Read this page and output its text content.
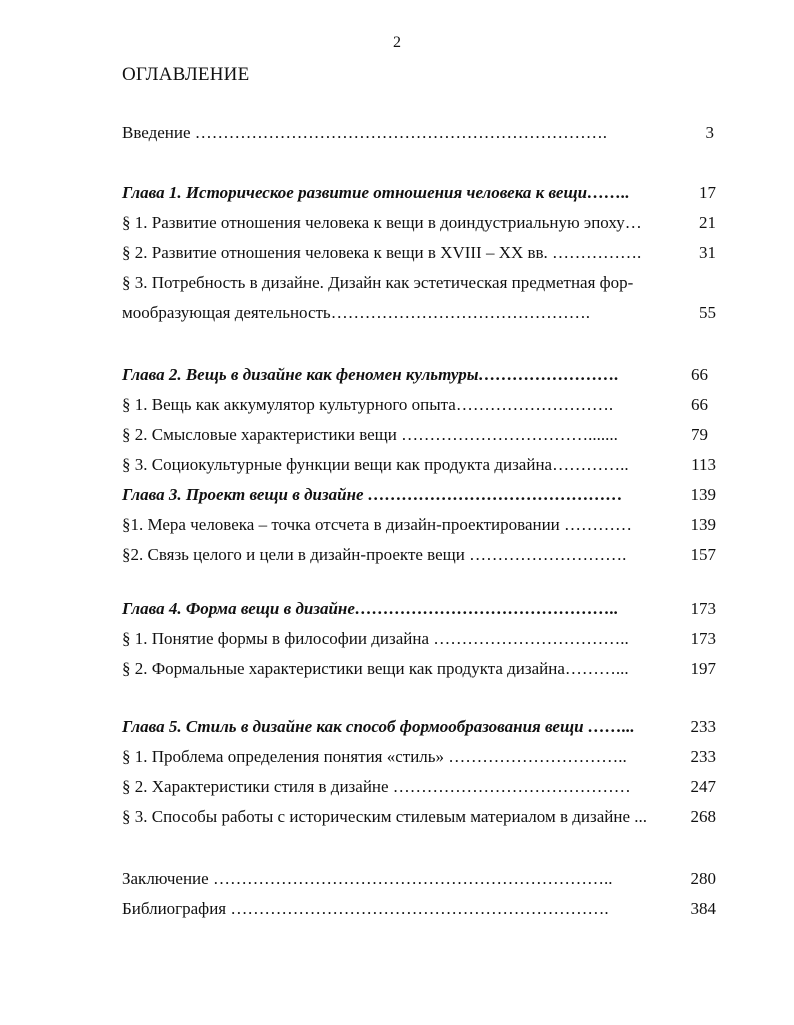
2
ОГЛАВЛЕНИЕ
Введение ……………………………………………………………….	3
Глава 1. Историческое развитие отношения человека к вещи……..	17
§ 1. Развитие отношения человека к вещи в доиндустриальную эпоху…	21
§ 2. Развитие отношения человека к вещи в XVIII – XX вв. …………….	31
§ 3. Потребность в дизайне. Дизайн как эстетическая предметная фор-
мообразующая деятельность……………………………………….	55
Глава 2. Вещь в дизайне как феномен культуры…………………….	66
§ 1. Вещь как аккумулятор культурного опыта……………………….	66
§ 2. Смысловые характеристики вещи …………………………….......	79
§ 3. Социокультурные функции вещи как продукта дизайна…………..	113
Глава 3. Проект вещи в дизайне ………………………………………	139
§1. Мера человека – точка отсчета в дизайн-проектировании …………	139
§2. Связь целого и цели в дизайн-проекте вещи ……………………….	157
Глава 4. Форма вещи в дизайне………………………………………..	173
§ 1. Понятие формы в философии дизайна ……………………………..	173
§ 2. Формальные характеристики вещи как продукта дизайна………...	197
Глава 5. Стиль в дизайне как способ формообразования вещи ……...	233
§ 1. Проблема определения понятия «стиль» …………………………..	233
§ 2. Характеристики стиля в дизайне ……………………………………	247
§ 3. Способы работы с историческим стилевым материалом в дизайне ...	268
Заключение ……………………………………………………………..	280
Библиография ………………………………………………………….	384
